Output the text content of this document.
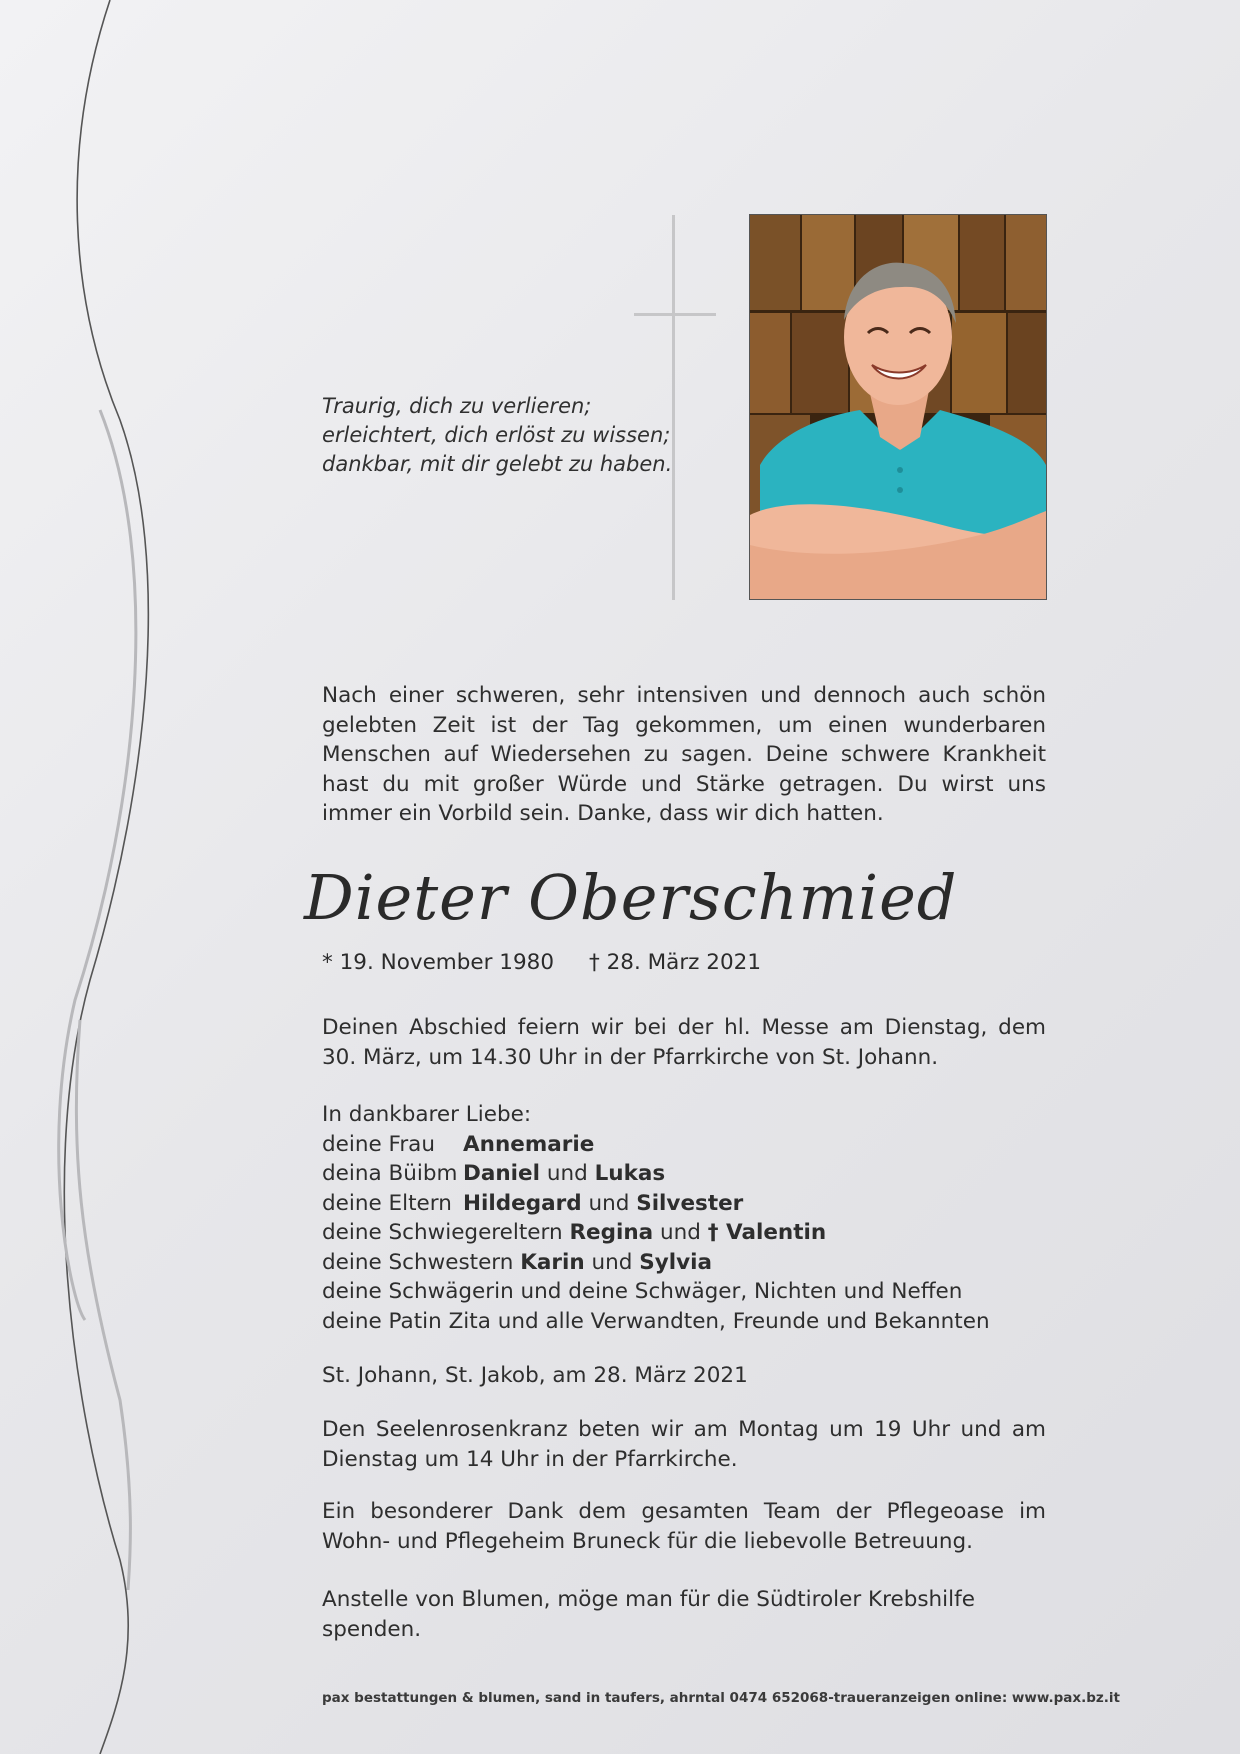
Traurig, dich zu verlieren;
erleichtert, dich erlöst zu wissen;
dankbar, mit dir gelebt zu haben.
Nach einer schweren, sehr intensiven und dennoch auch schön gelebten Zeit ist der Tag gekommen, um einen wunderbaren Menschen auf Wiedersehen zu sagen. Deine schwere Krankheit hast du mit großer Würde und Stärke getragen. Du wirst uns immer ein Vorbild sein. Danke, dass wir dich hatten.
Dieter Oberschmied
* 19. November 1980 † 28. März 2021
Deinen Abschied feiern wir bei der hl. Messe am Dienstag, dem 30. März, um 14.30 Uhr in der Pfarrkirche von St. Johann.
In dankbarer Liebe:
deine Frau Annemarie
deina Büibm Daniel und Lukas
deine Eltern Hildegard und Silvester
deine Schwiegereltern Regina und † Valentin
deine Schwestern Karin und Sylvia
deine Schwägerin und deine Schwäger, Nichten und Neffen
deine Patin Zita und alle Verwandten, Freunde und Bekannten
St. Johann, St. Jakob, am 28. März 2021
Den Seelenrosenkranz beten wir am Montag um 19 Uhr und am Dienstag um 14 Uhr in der Pfarrkirche.
Ein besonderer Dank dem gesamten Team der Pflegeoase im Wohn- und Pflegeheim Bruneck für die liebevolle Betreuung.
Anstelle von Blumen, möge man für die Südtiroler Krebshilfe spenden.
pax bestattungen & blumen, sand in taufers, ahrntal 0474 652068-traueranzeigen online: www.pax.bz.it
